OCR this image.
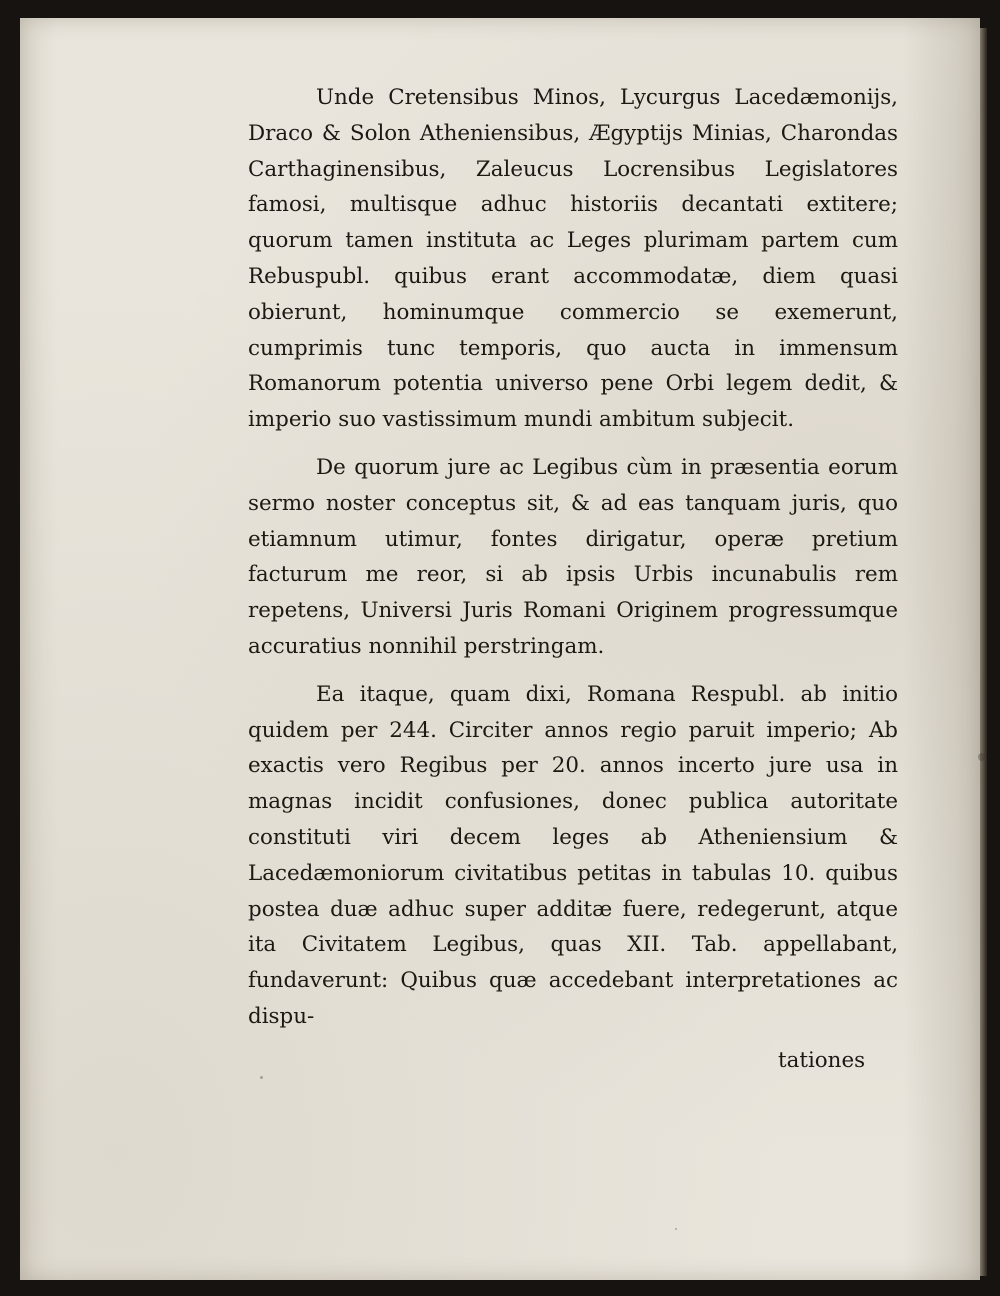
Unde Cretensibus Minos, Lycurgus Lacedæmonijs, Draco & Solon Atheniensibus, Ægyptijs Minias, Charondas Carthaginensibus, Zaleucus Locrensibus Legislatores famosi, multisque adhuc historiis decantati extitere; quorum tamen instituta ac Leges plurimam partem cum Rebuspubl. quibus erant accommodatæ, diem quasi obierunt, hominumque commercio se exemerunt, cumprimis tunc temporis, quo aucta in immensum Romanorum potentia universo pene Orbi legem dedit, & imperio suo vastissimum mundi ambitum subjecit.

De quorum jure ac Legibus cùm in præsentia eorum sermo noster conceptus sit, & ad eas tanquam juris, quo etiamnum utimur, fontes dirigatur, operæ pretium facturum me reor, si ab ipsis Urbis incunabulis rem repetens, Universi Juris Romani Originem progressumque accuratius nonnihil perstringam.

Ea itaque, quam dixi, Romana Respubl. ab initio quidem per 244. Circiter annos regio paruit imperio; Ab exactis vero Regibus per 20. annos incerto jure usa in magnas incidit confusiones, donec publica autoritate constituti viri decem leges ab Atheniensium & Lacedæmoniorum civitatibus petitas in tabulas 10. quibus postea duæ adhuc super additæ fuere, redegerunt, atque ita Civitatem Legibus, quas XII. Tab. appellabant, fundaverunt: Quibus quæ accedebant interpretationes ac dispu-

tationes
